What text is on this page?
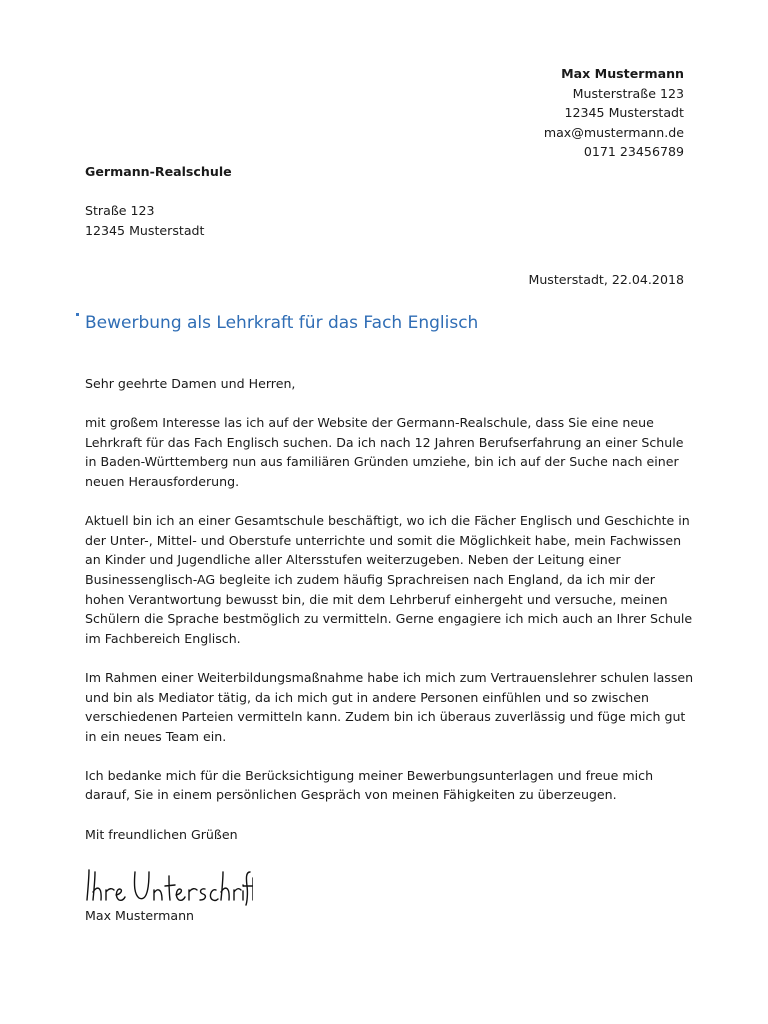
Max Mustermann
Musterstraße 123
12345 Musterstadt
max@mustermann.de
0171 23456789
Germann-Realschule
Straße 123
12345 Musterstadt
Musterstadt, 22.04.2018
Bewerbung als Lehrkraft für das Fach Englisch

Sehr geehrte Damen und Herren,

mit großem Interesse las ich auf der Website der Germann-Realschule, dass Sie eine neue Lehrkraft für das Fach Englisch suchen. Da ich nach 12 Jahren Berufserfahrung an einer Schule in Baden-Württemberg nun aus familiären Gründen umziehe, bin ich auf der Suche nach einer neuen Herausforderung.

Aktuell bin ich an einer Gesamtschule beschäftigt, wo ich die Fächer Englisch und Geschichte in der Unter-, Mittel- und Oberstufe unterrichte und somit die Möglichkeit habe, mein Fachwissen an Kinder und Jugendliche aller Altersstufen weiterzugeben. Neben der Leitung einer Businessenglisch-AG begleite ich zudem häufig Sprachreisen nach England, da ich mir der hohen Verantwortung bewusst bin, die mit dem Lehrberuf einhergeht und versuche, meinen Schülern die Sprache bestmöglich zu vermitteln. Gerne engagiere ich mich auch an Ihrer Schule im Fachbereich Englisch.

Im Rahmen einer Weiterbildungsmaßnahme habe ich mich zum Vertrauenslehrer schulen lassen und bin als Mediator tätig, da ich mich gut in andere Personen einfühlen und so zwischen verschiedenen Parteien vermitteln kann. Zudem bin ich überaus zuverlässig und füge mich gut in ein neues Team ein.

Ich bedanke mich für die Berücksichtigung meiner Bewerbungsunterlagen und freue mich darauf, Sie in einem persönlichen Gespräch von meinen Fähigkeiten zu überzeugen.

Mit freundlichen Grüßen

Max Mustermann
